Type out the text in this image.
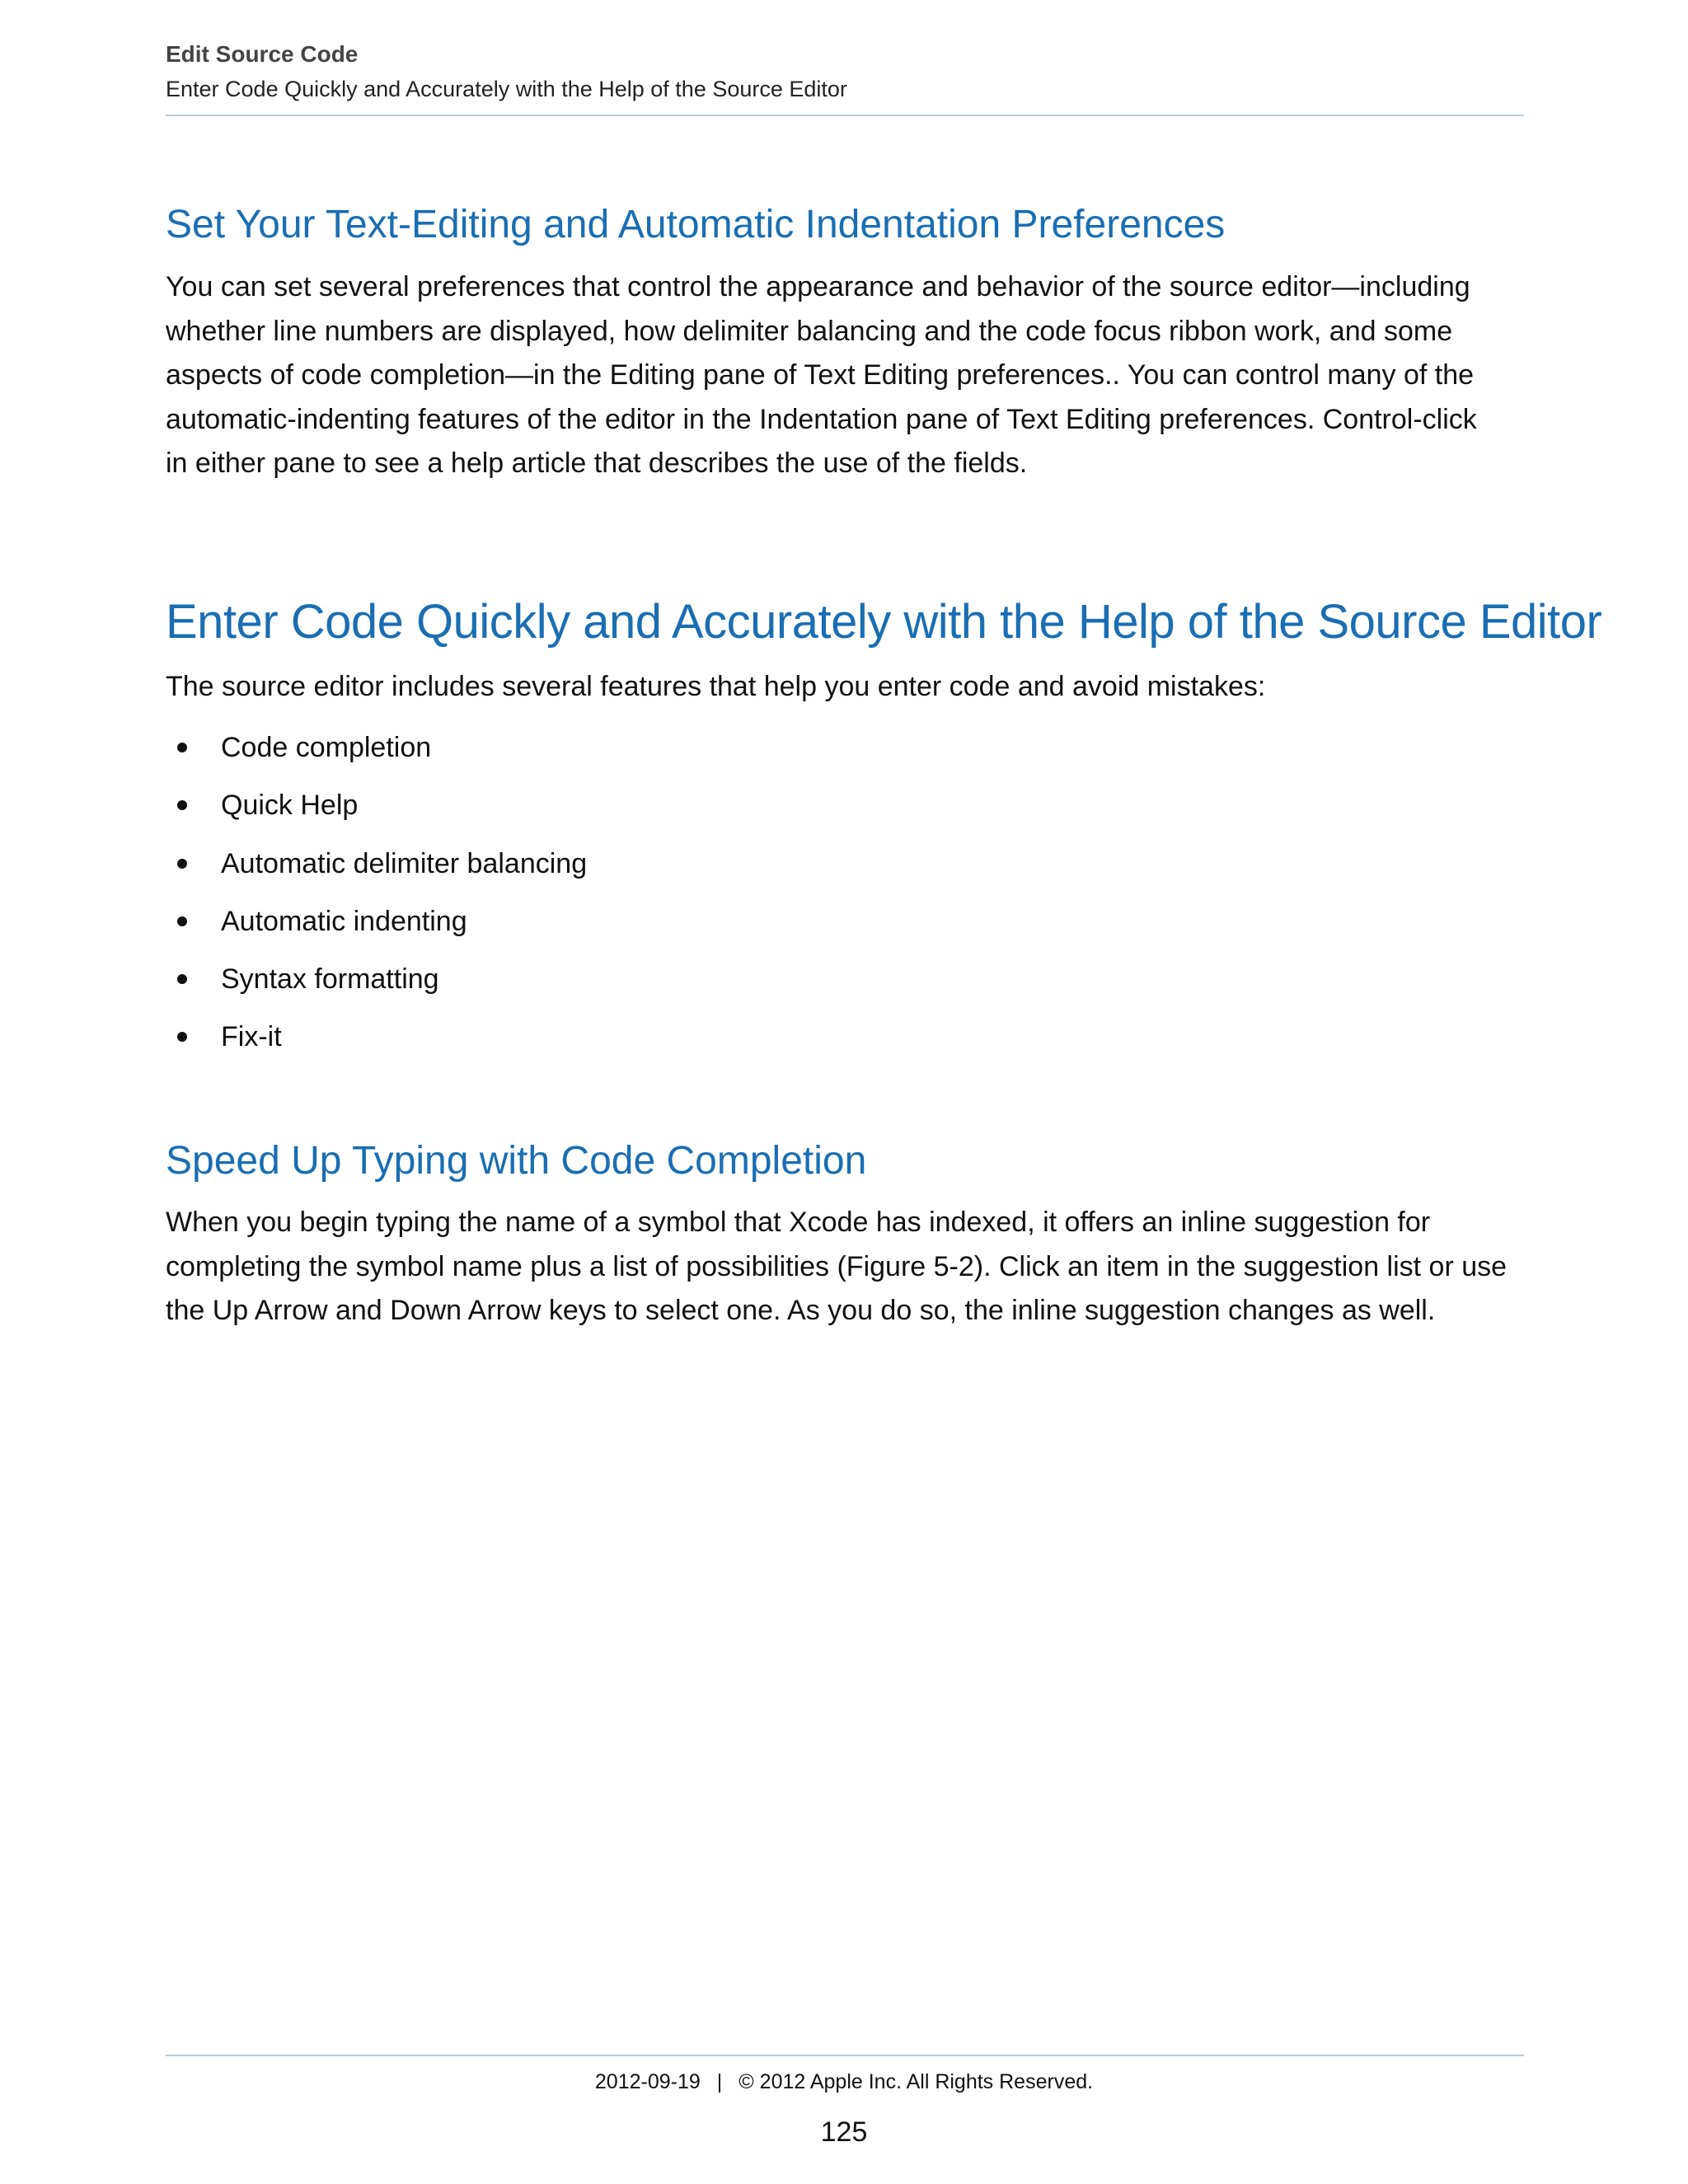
Edit Source Code
Enter Code Quickly and Accurately with the Help of the Source Editor
Set Your Text-Editing and Automatic Indentation Preferences

You can set several preferences that control the appearance and behavior of the source editor—including
whether line numbers are displayed, how delimiter balancing and the code focus ribbon work, and some
aspects of code completion—in the Editing pane of Text Editing preferences.. You can control many of the
automatic-indenting features of the editor in the Indentation pane of Text Editing preferences. Control-click
in either pane to see a help article that describes the use of the fields.

Enter Code Quickly and Accurately with the Help of the Source Editor

The source editor includes several features that help you enter code and avoid mistakes:

Code completion
Quick Help
Automatic delimiter balancing
Automatic indenting
Syntax formatting
Fix-it
Speed Up Typing with Code Completion

When you begin typing the name of a symbol that Xcode has indexed, it offers an inline suggestion for
completing the symbol name plus a list of possibilities (Figure 5-2). Click an item in the suggestion list or use
the Up Arrow and Down Arrow keys to select one. As you do so, the inline suggestion changes as well.

2012-09-19 | © 2012 Apple Inc. All Rights Reserved.
125
